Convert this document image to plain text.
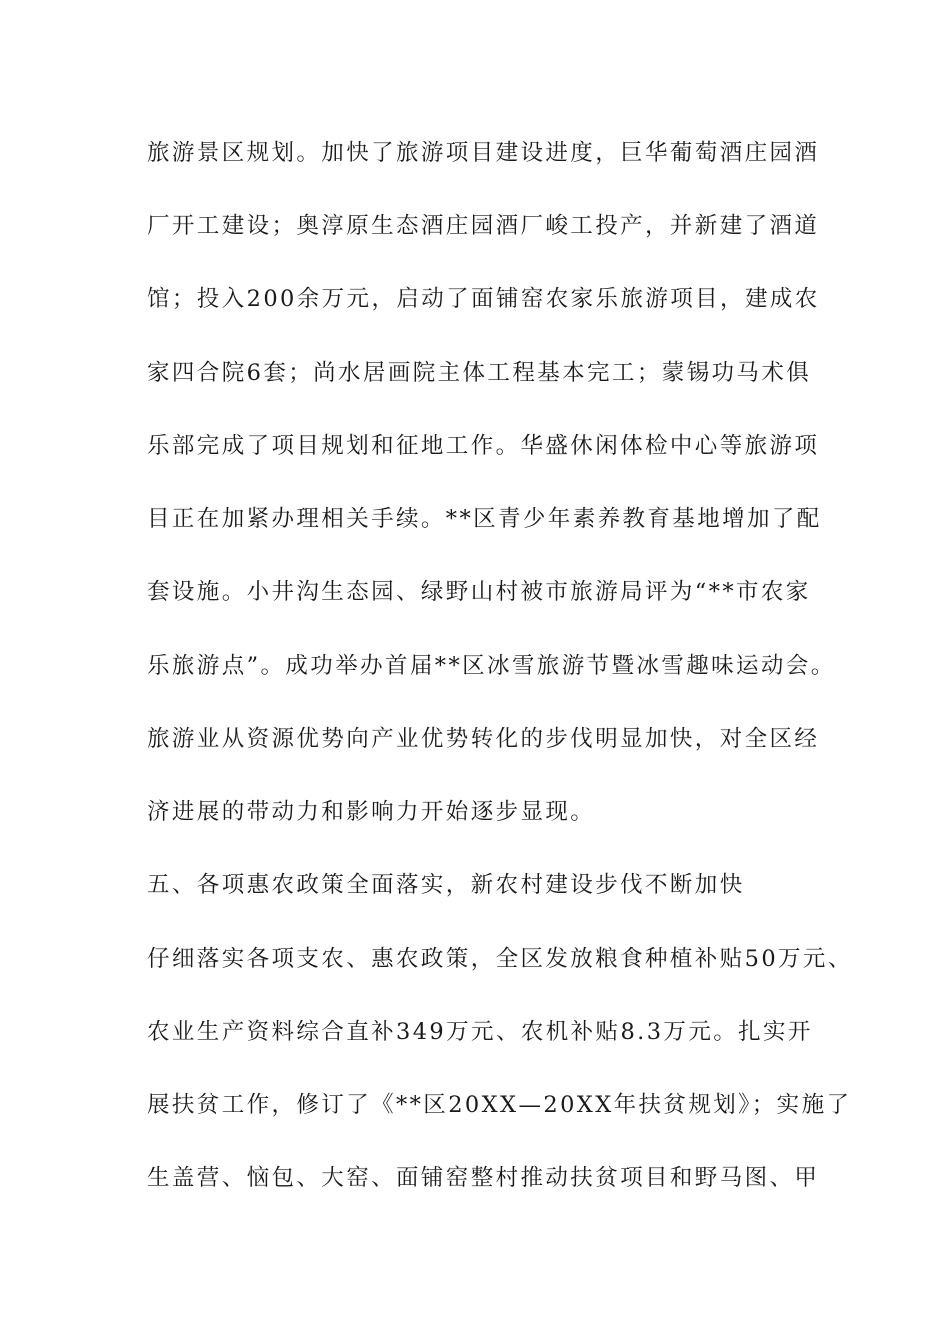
旅游景区规划。加快了旅游项目建设进度，巨华葡萄酒庄园酒
厂开工建设；奥淳原生态酒庄园酒厂峻工投产，并新建了酒道
馆；投入200余万元，启动了面铺窑农家乐旅游项目，建成农
家四合院6套；尚水居画院主体工程基本完工；蒙锡功马术俱
乐部完成了项目规划和征地工作。华盛休闲体检中心等旅游项
目正在加紧办理相关手续。**区青少年素养教育基地增加了配
套设施。小井沟生态园、绿野山村被市旅游局评为“**市农家
乐旅游点”。成功举办首届**区冰雪旅游节暨冰雪趣味运动会。
旅游业从资源优势向产业优势转化的步伐明显加快，对全区经
济进展的带动力和影响力开始逐步显现。
五、各项惠农政策全面落实，新农村建设步伐不断加快
仔细落实各项支农、惠农政策，全区发放粮食种植补贴50万元、
农业生产资料综合直补349万元、农机补贴8.3万元。扎实开
展扶贫工作，修订了《**区20XX—20XX年扶贫规划》；实施了
生盖营、恼包、大窑、面铺窑整村推动扶贫项目和野马图、甲
